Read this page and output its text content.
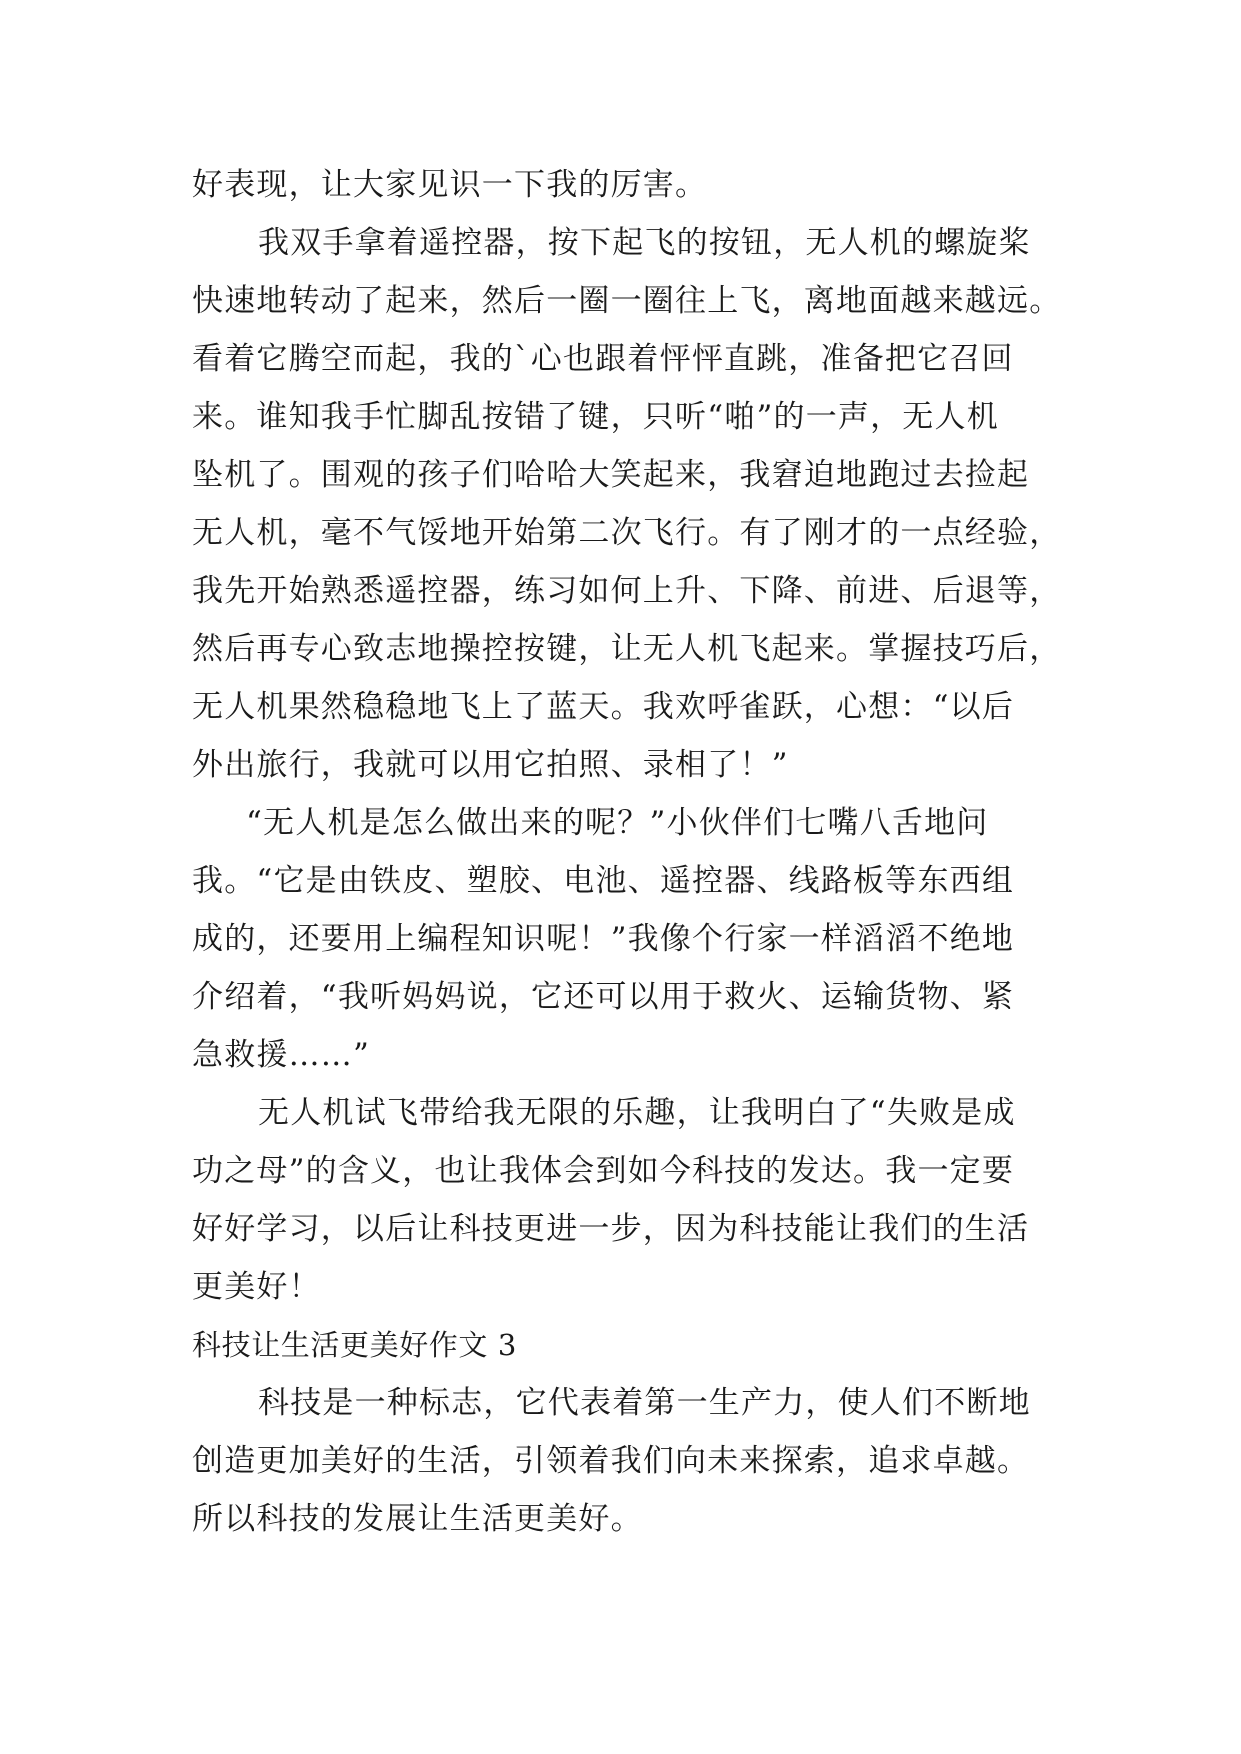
好表现，让大家见识一下我的厉害。
我双手拿着遥控器，按下起飞的按钮，无人机的螺旋桨
快速地转动了起来，然后一圈一圈往上飞，离地面越来越远。
看着它腾空而起，我的`心也跟着怦怦直跳，准备把它召回
来。谁知我手忙脚乱按错了键，只听“啪”的一声，无人机
坠机了。围观的孩子们哈哈大笑起来，我窘迫地跑过去捡起
无人机，毫不气馁地开始第二次飞行。有了刚才的一点经验，
我先开始熟悉遥控器，练习如何上升、下降、前进、后退等，
然后再专心致志地操控按键，让无人机飞起来。掌握技巧后，
无人机果然稳稳地飞上了蓝天。我欢呼雀跃，心想：“以后
外出旅行，我就可以用它拍照、录相了！”
“无人机是怎么做出来的呢？”小伙伴们七嘴八舌地问
我。“它是由铁皮、塑胶、电池、遥控器、线路板等东西组
成的，还要用上编程知识呢！”我像个行家一样滔滔不绝地
介绍着，“我听妈妈说，它还可以用于救火、运输货物、紧
急救援……”
无人机试飞带给我无限的乐趣，让我明白了“失败是成
功之母”的含义，也让我体会到如今科技的发达。我一定要
好好学习，以后让科技更进一步，因为科技能让我们的生活
更美好！
科技让生活更美好作文 3
科技是一种标志，它代表着第一生产力，使人们不断地
创造更加美好的生活，引领着我们向未来探索，追求卓越。
所以科技的发展让生活更美好。
